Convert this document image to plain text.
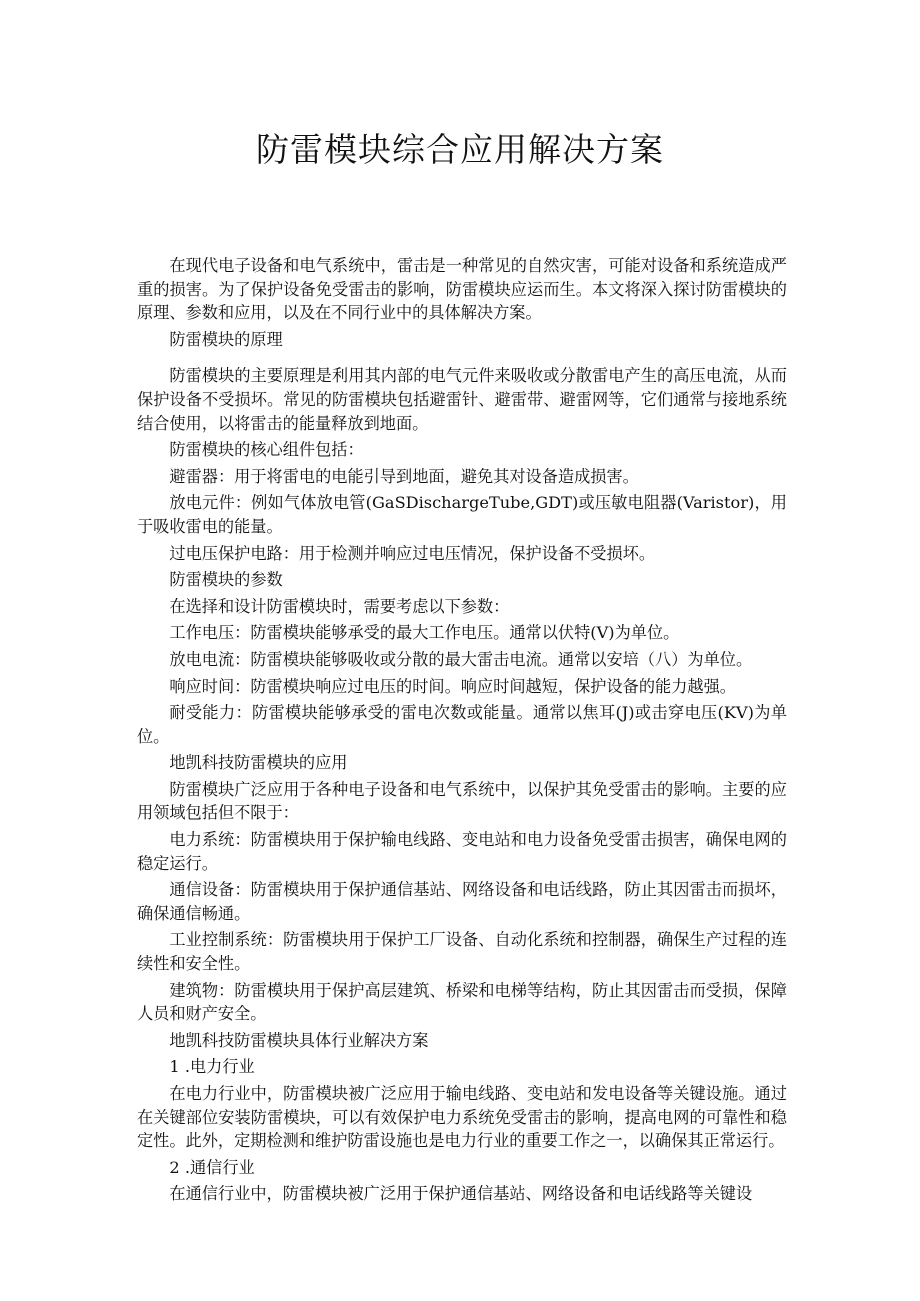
防雷模块综合应用解决方案

在现代电子设备和电气系统中，雷击是一种常见的自然灾害，可能对设备和系统造成严重的损害。为了保护设备免受雷击的影响，防雷模块应运而生。本文将深入探讨防雷模块的原理、参数和应用，以及在不同行业中的具体解决方案。

防雷模块的原理

防雷模块的主要原理是利用其内部的电气元件来吸收或分散雷电产生的高压电流，从而保护设备不受损坏。常见的防雷模块包括避雷针、避雷带、避雷网等，它们通常与接地系统结合使用，以将雷击的能量释放到地面。

防雷模块的核心组件包括：

避雷器：用于将雷电的电能引导到地面，避免其对设备造成损害。

放电元件：例如气体放电管(GaSDischargeTube,GDT)或压敏电阻器(Varistor)，用于吸收雷电的能量。

过电压保护电路：用于检测并响应过电压情况，保护设备不受损坏。

防雷模块的参数

在选择和设计防雷模块时，需要考虑以下参数：

工作电压：防雷模块能够承受的最大工作电压。通常以伏特(V)为单位。

放电电流：防雷模块能够吸收或分散的最大雷击电流。通常以安培（八）为单位。

响应时间：防雷模块响应过电压的时间。响应时间越短，保护设备的能力越强。

耐受能力：防雷模块能够承受的雷电次数或能量。通常以焦耳(J)或击穿电压(KV)为单位。

地凯科技防雷模块的应用

防雷模块广泛应用于各种电子设备和电气系统中，以保护其免受雷击的影响。主要的应用领域包括但不限于：

电力系统：防雷模块用于保护输电线路、变电站和电力设备免受雷击损害，确保电网的稳定运行。

通信设备：防雷模块用于保护通信基站、网络设备和电话线路，防止其因雷击而损坏，确保通信畅通。

工业控制系统：防雷模块用于保护工厂设备、自动化系统和控制器，确保生产过程的连续性和安全性。

建筑物：防雷模块用于保护高层建筑、桥梁和电梯等结构，防止其因雷击而受损，保障人员和财产安全。

地凯科技防雷模块具体行业解决方案

1 .电力行业

在电力行业中，防雷模块被广泛应用于输电线路、变电站和发电设备等关键设施。通过在关键部位安装防雷模块，可以有效保护电力系统免受雷击的影响，提高电网的可靠性和稳定性。此外，定期检测和维护防雷设施也是电力行业的重要工作之一，以确保其正常运行。

2 .通信行业

在通信行业中，防雷模块被广泛用于保护通信基站、网络设备和电话线路等关键设
